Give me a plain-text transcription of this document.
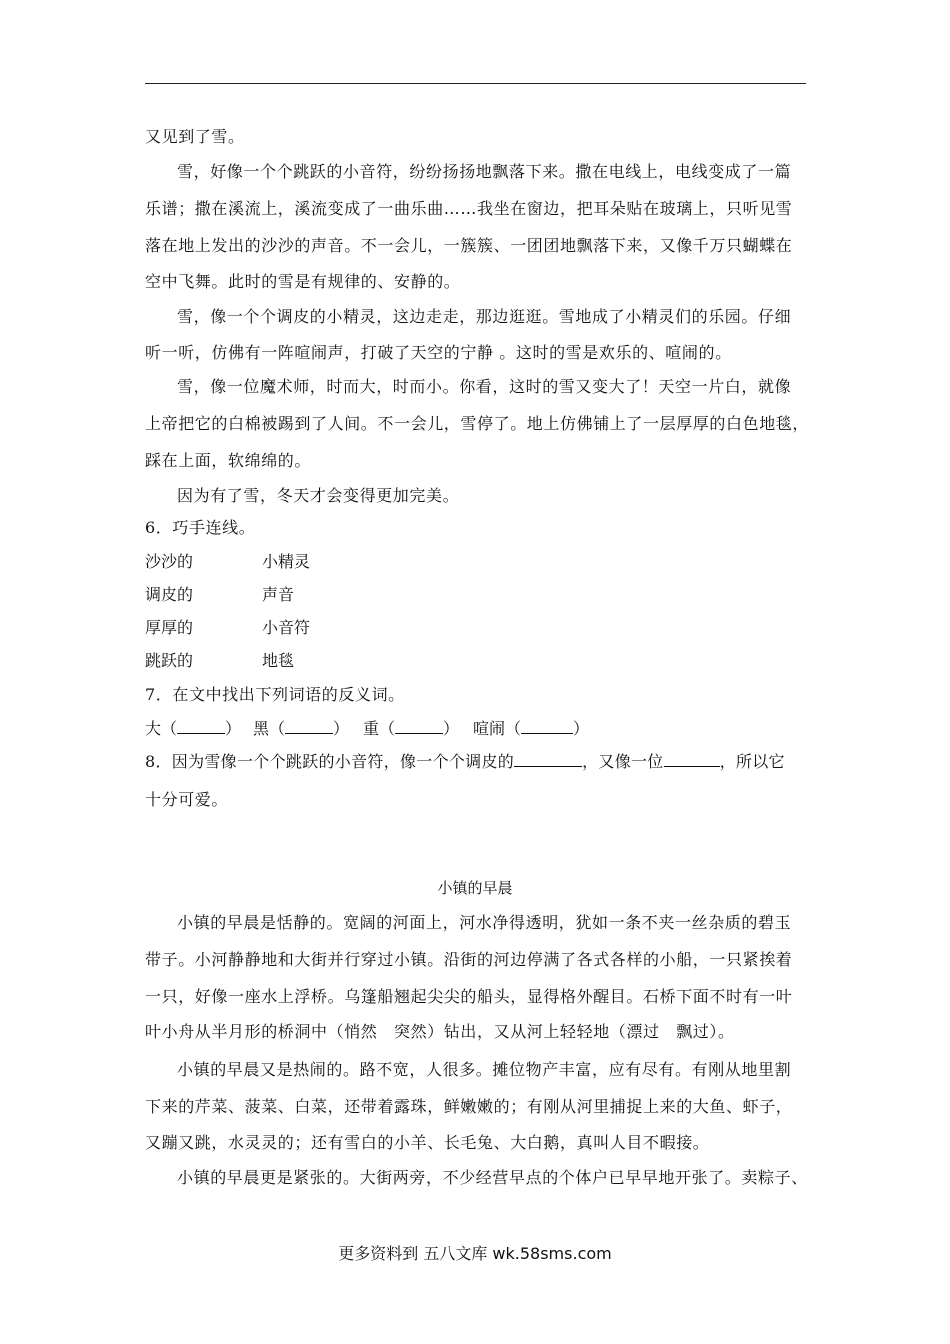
又见到了雪。
雪，好像一个个跳跃的小音符，纷纷扬扬地飘落下来。撒在电线上，电线变成了一篇
乐谱；撒在溪流上，溪流变成了一曲乐曲……我坐在窗边，把耳朵贴在玻璃上，只听见雪
落在地上发出的沙沙的声音。不一会儿，一簇簇、一团团地飘落下来，又像千万只蝴蝶在
空中飞舞。此时的雪是有规律的、安静的。
雪，像一个个调皮的小精灵，这边走走，那边逛逛。雪地成了小精灵们的乐园。仔细
听一听，仿佛有一阵喧闹声，打破了天空的宁静 。这时的雪是欢乐的、喧闹的。
雪，像一位魔术师，时而大，时而小。你看，这时的雪又变大了！天空一片白，就像
上帝把它的白棉被踢到了人间。不一会儿，雪停了。地上仿佛铺上了一层厚厚的白色地毯，
踩在上面，软绵绵的。
因为有了雪，冬天才会变得更加完美。
6．巧手连线。
沙沙的	小精灵
调皮的	声音
厚厚的	小音符
跳跃的	地毯
7．在文中找出下列词语的反义词。
大（	） 黑（	） 重（	） 喧闹（	）
8．因为雪像一个个跳跃的小音符，像一个个调皮的	，又像一位	，所以它
十分可爱。
小镇的早晨
小镇的早晨是恬静的。宽阔的河面上，河水净得透明，犹如一条不夹一丝杂质的碧玉
带子。小河静静地和大街并行穿过小镇。沿街的河边停满了各式各样的小船，一只紧挨着
一只，好像一座水上浮桥。乌篷船翘起尖尖的船头，显得格外醒目。石桥下面不时有一叶
叶小舟从半月形的桥洞中（悄然　突然）钻出，又从河上轻轻地（漂过　飘过）。
小镇的早晨又是热闹的。路不宽，人很多。摊位物产丰富，应有尽有。有刚从地里割
下来的芹菜、菠菜、白菜，还带着露珠，鲜嫩嫩的；有刚从河里捕捉上来的大鱼、虾子，
又蹦又跳，水灵灵的；还有雪白的小羊、长毛兔、大白鹅，真叫人目不暇接。
小镇的早晨更是紧张的。大街两旁，不少经营早点的个体户已早早地开张了。卖粽子、
更多资料到 五八文库 wk.58sms.com
